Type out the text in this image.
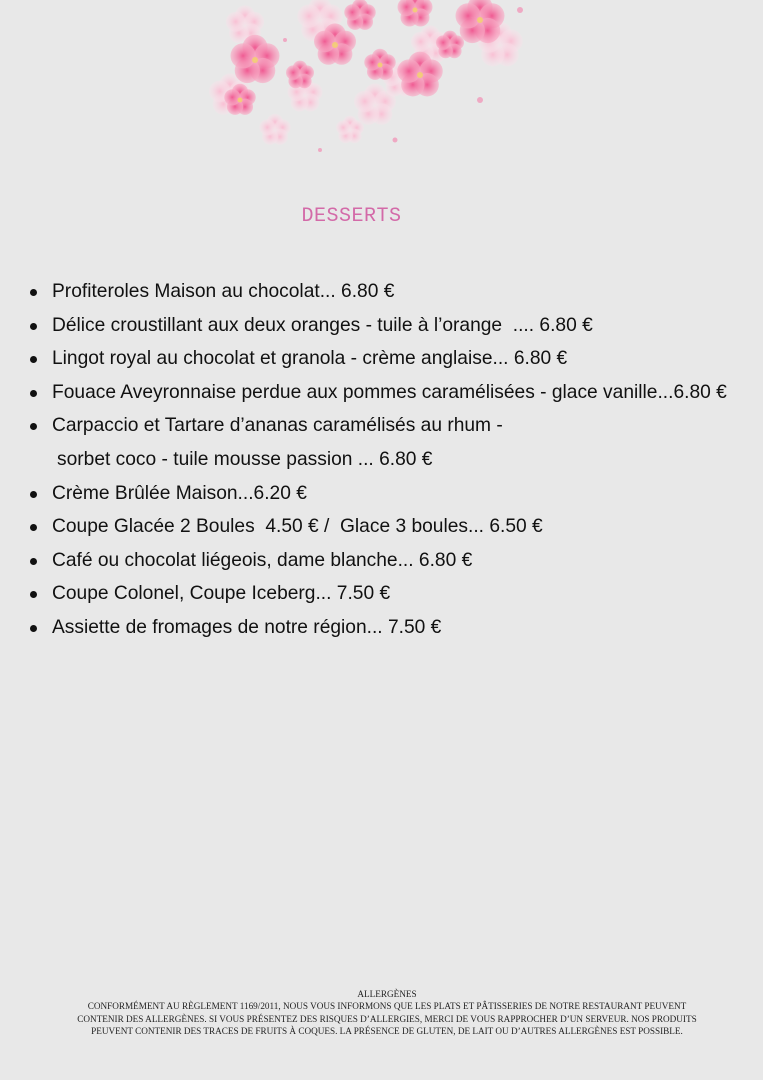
DESSERTS
Profiteroles Maison au chocolat... 6.80 €
Délice croustillant aux deux oranges - tuile à l’orange  .... 6.80 €
Lingot royal au chocolat et granola - crème anglaise... 6.80 €
Fouace Aveyronnaise perdue aux pommes caramélisées - glace vanille...6.80 €
Carpaccio et Tartare d’ananas caramélisés au rhum -
sorbet coco - tuile mousse passion ... 6.80 €
Crème Brûlée Maison...6.20 €
Coupe Glacée 2 Boules  4.50 € /  Glace 3 boules... 6.50 €
Café ou chocolat liégeois, dame blanche... 6.80 €
Coupe Colonel, Coupe Iceberg... 7.50 €
Assiette de fromages de notre région... 7.50 €
ALLERGÈNES
CONFORMÉMENT AU RÈGLEMENT 1169/2011, NOUS VOUS INFORMONS QUE LES PLATS ET PÂTISSERIES DE NOTRE RESTAURANT PEUVENT
CONTENIR DES ALLERGÈNES. SI VOUS PRÉSENTEZ DES RISQUES D’ALLERGIES, MERCI DE VOUS RAPPROCHER D’UN SERVEUR. NOS PRODUITS
PEUVENT CONTENIR DES TRACES DE FRUITS À COQUES. LA PRÉSENCE DE GLUTEN, DE LAIT OU D’AUTRES ALLERGÈNES EST POSSIBLE.
